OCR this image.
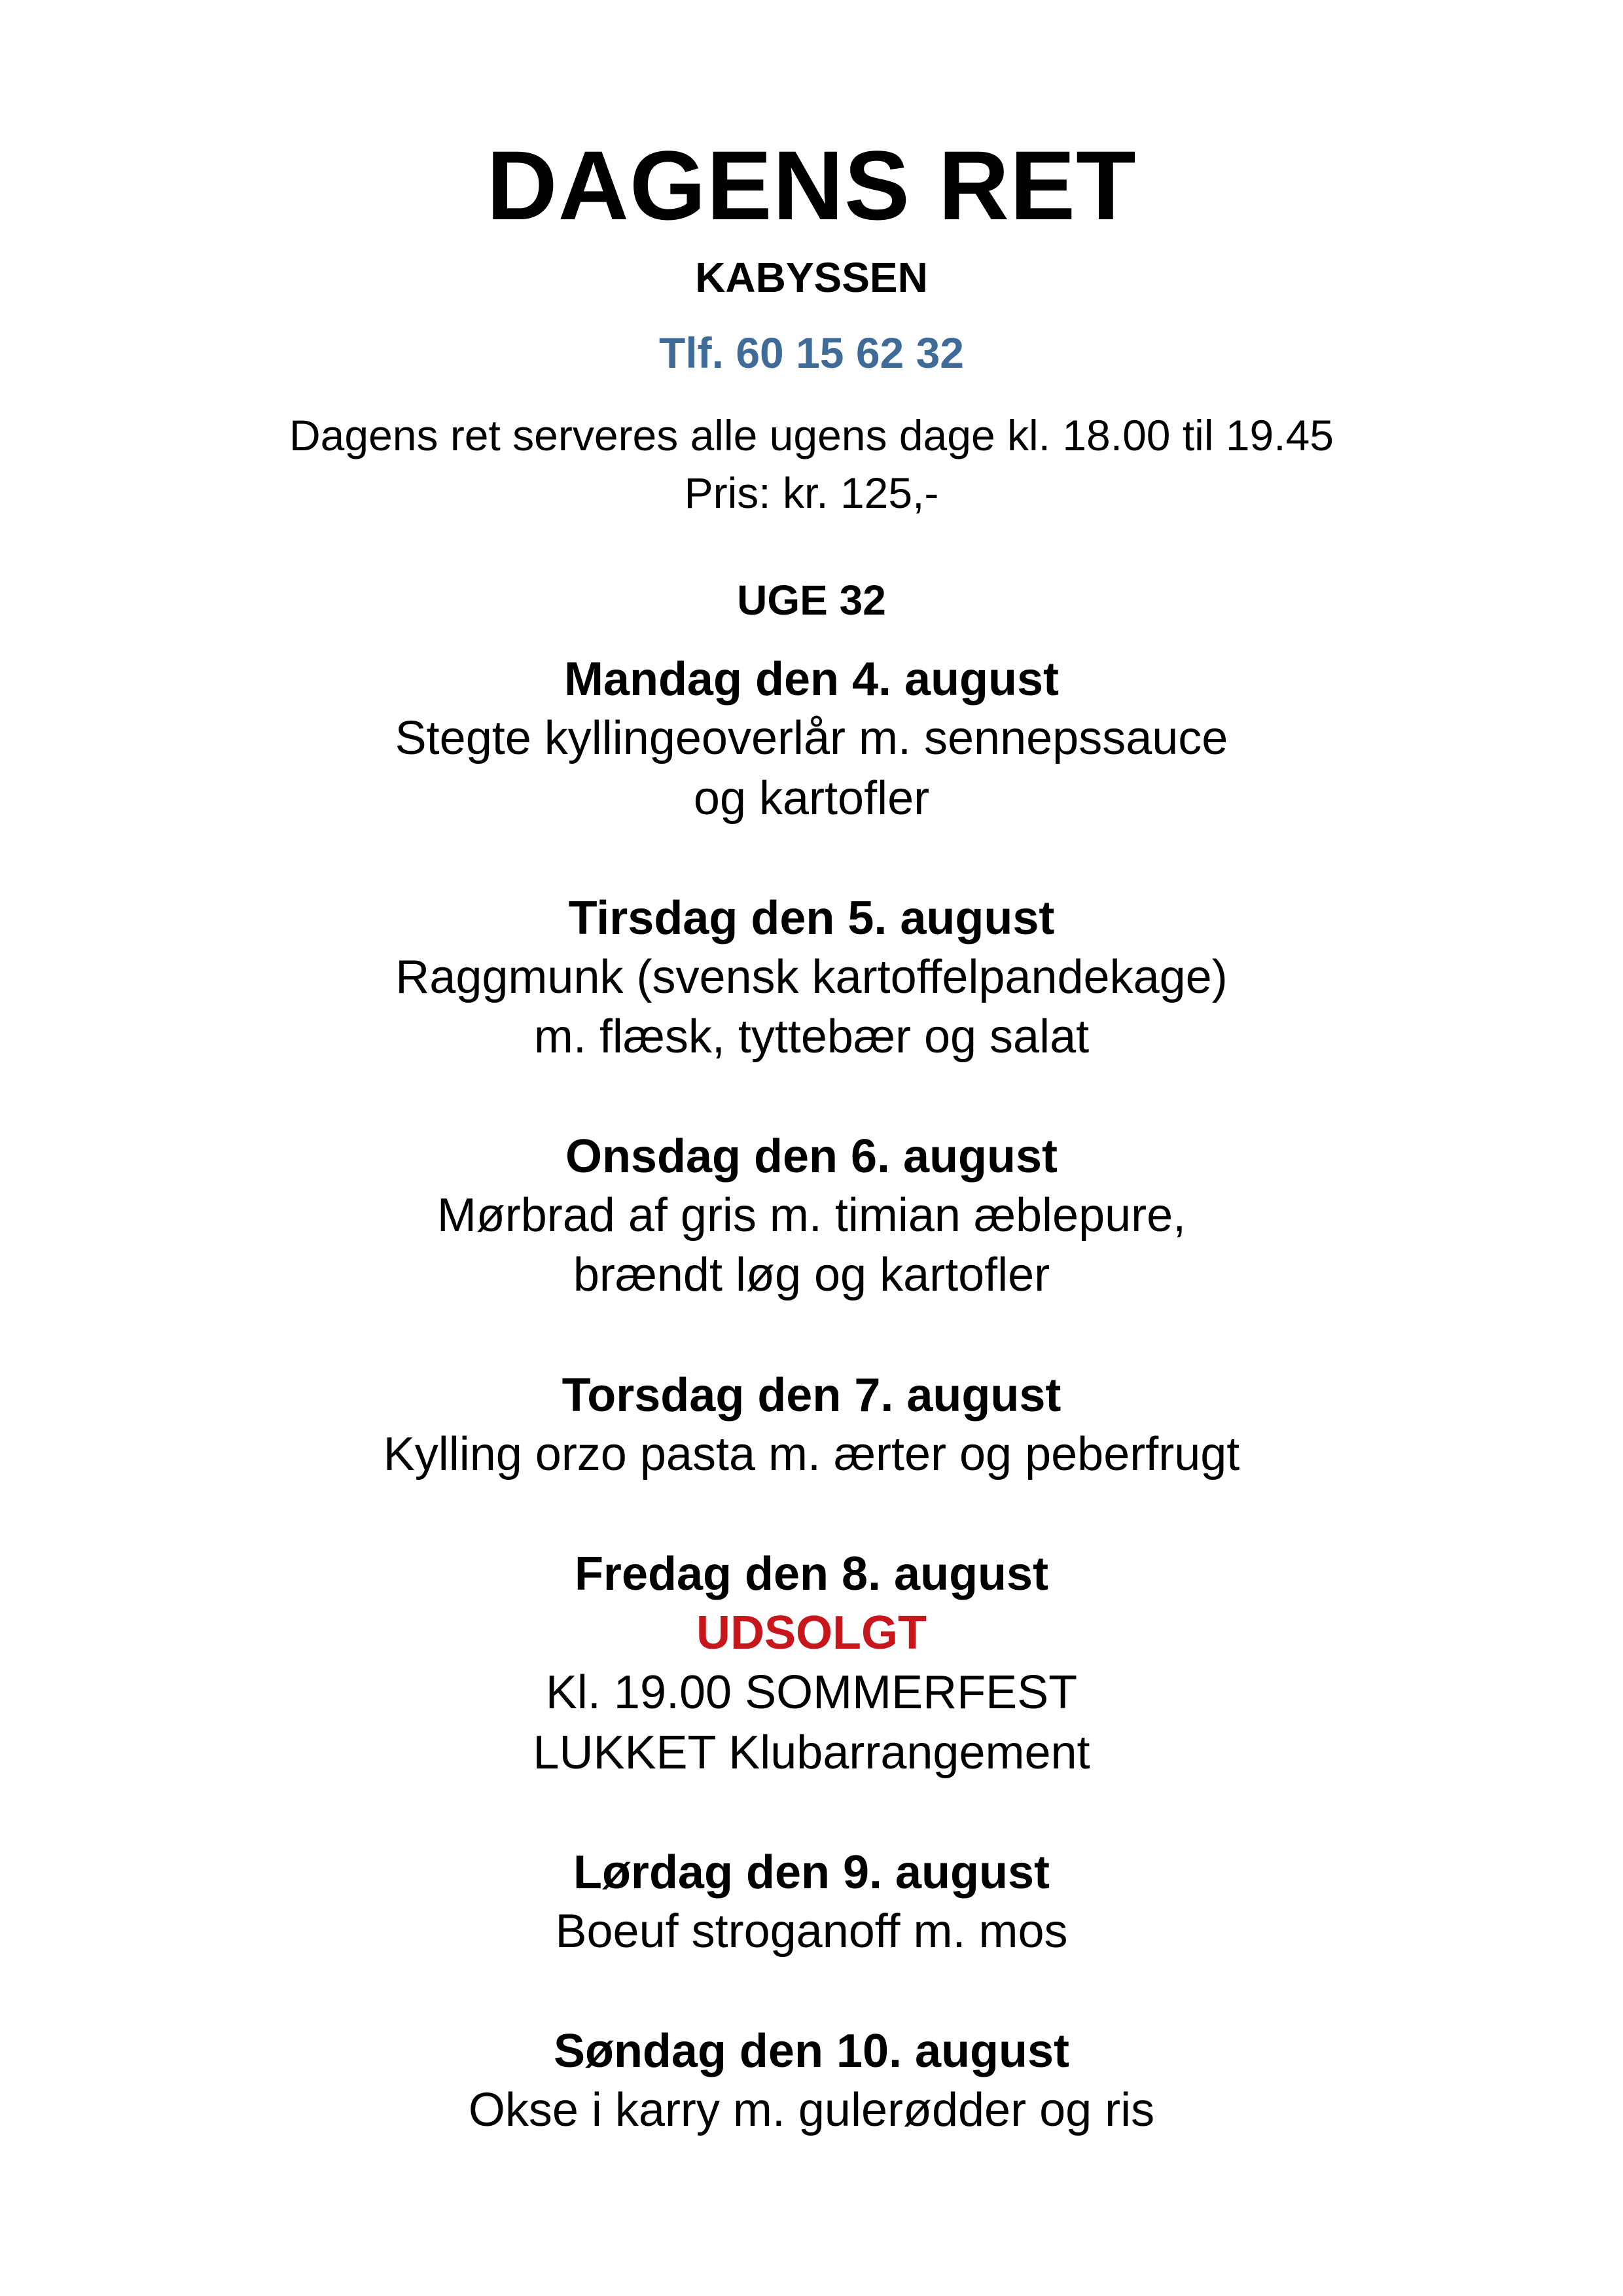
DAGENS RET
KABYSSEN
Tlf. 60 15 62 32
Dagens ret serveres alle ugens dage kl. 18.00 til 19.45
Pris: kr. 125,-
UGE 32
Mandag den 4. august
Stegte kyllingeoverlår m. sennepssauce
og kartofler
Tirsdag den 5. august
Raggmunk (svensk kartoffelpandekage)
m. flæsk, tyttebær og salat
Onsdag den 6. august
Mørbrad af gris m. timian æblepure,
brændt løg og kartofler
Torsdag den 7. august
Kylling orzo pasta m. ærter og peberfrugt
Fredag den 8. august
UDSOLGT
Kl. 19.00 SOMMERFEST
LUKKET Klubarrangement
Lørdag den 9. august
Boeuf stroganoff m. mos
Søndag den 10. august
Okse i karry m. gulerødder og ris
